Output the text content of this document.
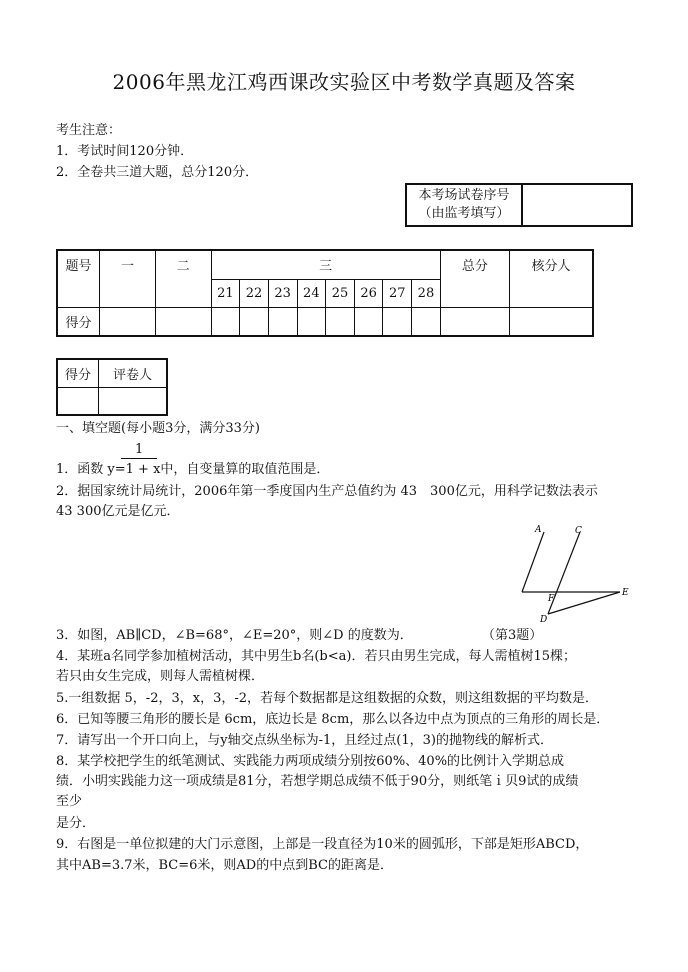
2006年黑龙江鸡西课改实验区中考数学真题及答案
考生注意：
1．考试时间120分钟．
2．全卷共三道大题，总分120分．
本考场试卷序号
（由监考填写）

题号	一	二	三								总分	核分人
			21	22	23	24	25	26	27	28		
得分												
得分	评卷人

一、填空题(每小题3分，满分33分)
1
1．函数 y=1 + x中，自变量算的取值范围是．
2．据国家统计局统计，2006年第一季度国内生产总值约为 43　300亿元，用科学记数法表示
43 300亿元是亿元．
A	C
F
E
D
3．如图，AB∥CD，∠B=68°，∠E=20°，则∠D 的度数为．	（第3题）
4．某班a名同学参加植树活动，其中男生b名(b<a)．若只由男生完成，每人需植树15棵；
若只由女生完成，则每人需植树棵．
5.一组数据 5，-2，3，x，3，-2，若每个数据都是这组数据的众数，则这组数据的平均数是．
6．已知等腰三角形的腰长是 6cm，底边长是 8cm，那么以各边中点为顶点的三角形的周长是．
7．请写出一个开口向上，与y轴交点纵坐标为-1，且经过点(1，3)的抛物线的解析式．
8．某学校把学生的纸笔测试、实践能力两项成绩分别按60%、40%的比例计入学期总成
绩．小明实践能力这一项成绩是81分，若想学期总成绩不低于90分，则纸笔ｉ贝9试的成绩
至少
是分．
9．右图是一单位拟建的大门示意图，上部是一段直径为10米的圆弧形，下部是矩形ABCD，
其中AB=3.7米，BC=6米，则AD的中点到BC的距离是．
